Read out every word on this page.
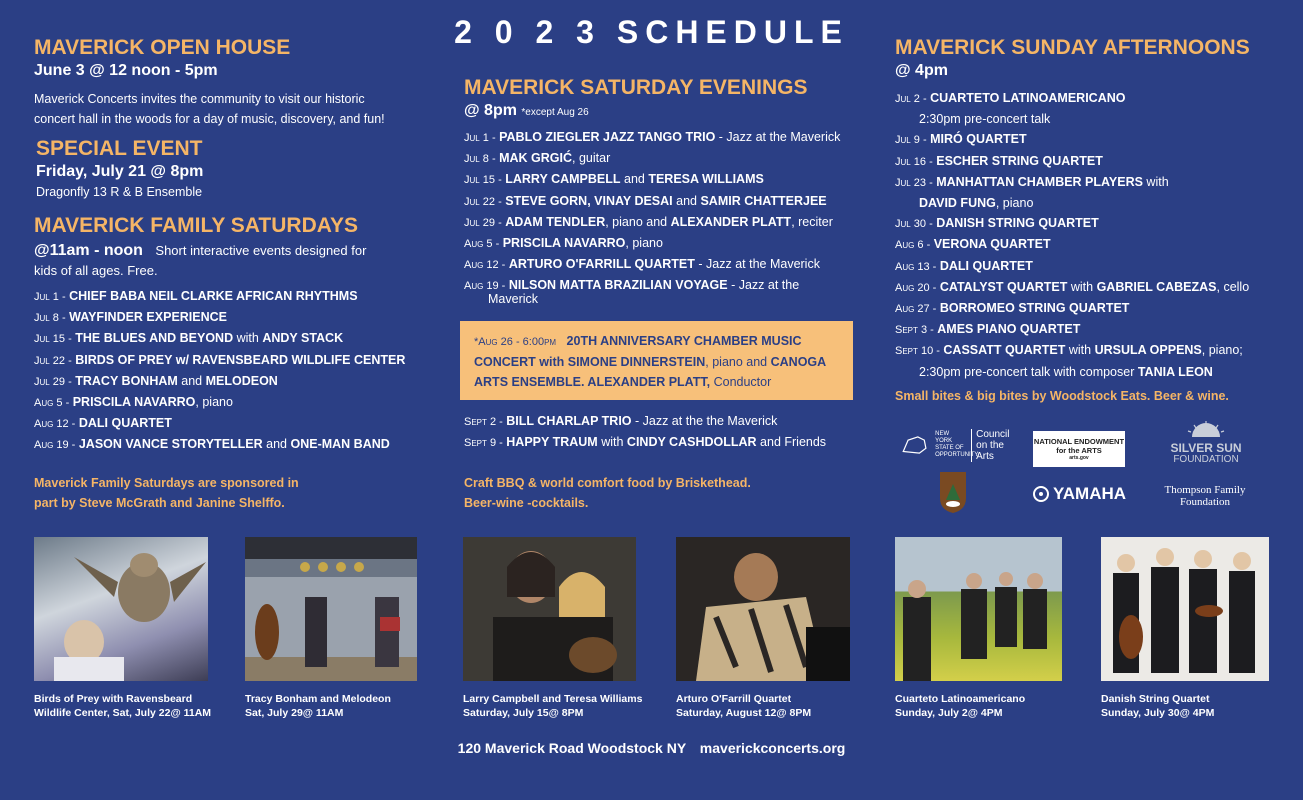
2 0 2 3 SCHEDULE
MAVERICK OPEN HOUSE
June 3 @ 12 noon - 5pm
Maverick Concerts invites the community to visit our historic
concert hall in the woods for a day of music, discovery, and fun!
SPECIAL EVENT
Friday, July 21 @ 8pm
Dragonfly 13 R & B Ensemble
MAVERICK FAMILY SATURDAYS
@11am - noon Short interactive events designed for
kids of all ages. Free.
Jul 1 - CHIEF BABA NEIL CLARKE AFRICAN RHYTHMS
Jul 8 - WAYFINDER EXPERIENCE
Jul 15 - THE BLUES AND BEYOND with ANDY STACK
Jul 22 - BIRDS OF PREY w/ RAVENSBEARD WILDLIFE CENTER
Jul 29 - TRACY BONHAM and MELODEON
Aug 5 - PRISCILA NAVARRO, piano
Aug 12 - DALI QUARTET
Aug 19 - JASON VANCE STORYTELLER and ONE-MAN BAND
Maverick Family Saturdays are sponsored in
part by Steve McGrath and Janine Shelffo.
MAVERICK SATURDAY EVENINGS
@ 8pm *except Aug 26
Jul 1 - PABLO ZIEGLER JAZZ TANGO TRIO - Jazz at the Maverick
Jul 8 - MAK GRGIĆ, guitar
Jul 15 - LARRY CAMPBELL and TERESA WILLIAMS
Jul 22 - STEVE GORN, VINAY DESAI and SAMIR CHATTERJEE
Jul 29 - ADAM TENDLER, piano and ALEXANDER PLATT, reciter
Aug 5 - PRISCILA NAVARRO, piano
Aug 12 - ARTURO O'FARRILL QUARTET - Jazz at the Maverick
Aug 19 - NILSON MATTA BRAZILIAN VOYAGE - Jazz at the
Maverick
*Aug 26 - 6:00pm 20TH ANNIVERSARY CHAMBER MUSIC CONCERT with SIMONE DINNERSTEIN, piano and CANOGA ARTS ENSEMBLE. ALEXANDER PLATT, Conductor
Sept 2 - BILL CHARLAP TRIO - Jazz at the the Maverick
Sept 9 - HAPPY TRAUM with CINDY CASHDOLLAR and Friends
Craft BBQ & world comfort food by Briskethead.
Beer-wine -cocktails.
MAVERICK SUNDAY AFTERNOONS
@ 4pm
Jul 2 - CUARTETO LATINOAMERICANO
2:30pm pre-concert talk
Jul 9 - MIRÓ QUARTET
Jul 16 - ESCHER STRING QUARTET
Jul 23 - MANHATTAN CHAMBER PLAYERS with
DAVID FUNG, piano
Jul 30 - DANISH STRING QUARTET
Aug 6 - VERONA QUARTET
Aug 13 - DALI QUARTET
Aug 20 - CATALYST QUARTET with GABRIEL CABEZAS, cello
Aug 27 - BORROMEO STRING QUARTET
Sept 3 - AMES PIANO QUARTET
Sept 10 - CASSATT QUARTET with URSULA OPPENS, piano;
2:30pm pre-concert talk with composer TANIA LEON
Small bites & big bites by Woodstock Eats. Beer & wine.
NEW YORK STATE OF OPPORTUNITY.
Council on the Arts
NATIONAL ENDOWMENT for the ARTS
arts.gov
SILVER SUN
FOUNDATION
YAMAHA	Thompson Family
Foundation
Birds of Prey with Ravensbeard
Wildlife Center, Sat, July 22@ 11AM
Tracy Bonham and Melodeon
Sat, July 29@ 11AM
Larry Campbell and Teresa Williams
Saturday, July 15@ 8PM
Arturo O'Farrill Quartet
Saturday, August 12@ 8PM
Cuarteto Latinoamericano
Sunday, July 2@ 4PM
Danish String Quartet
Sunday, July 30@ 4PM
120 Maverick Road Woodstock NY maverickconcerts.org
